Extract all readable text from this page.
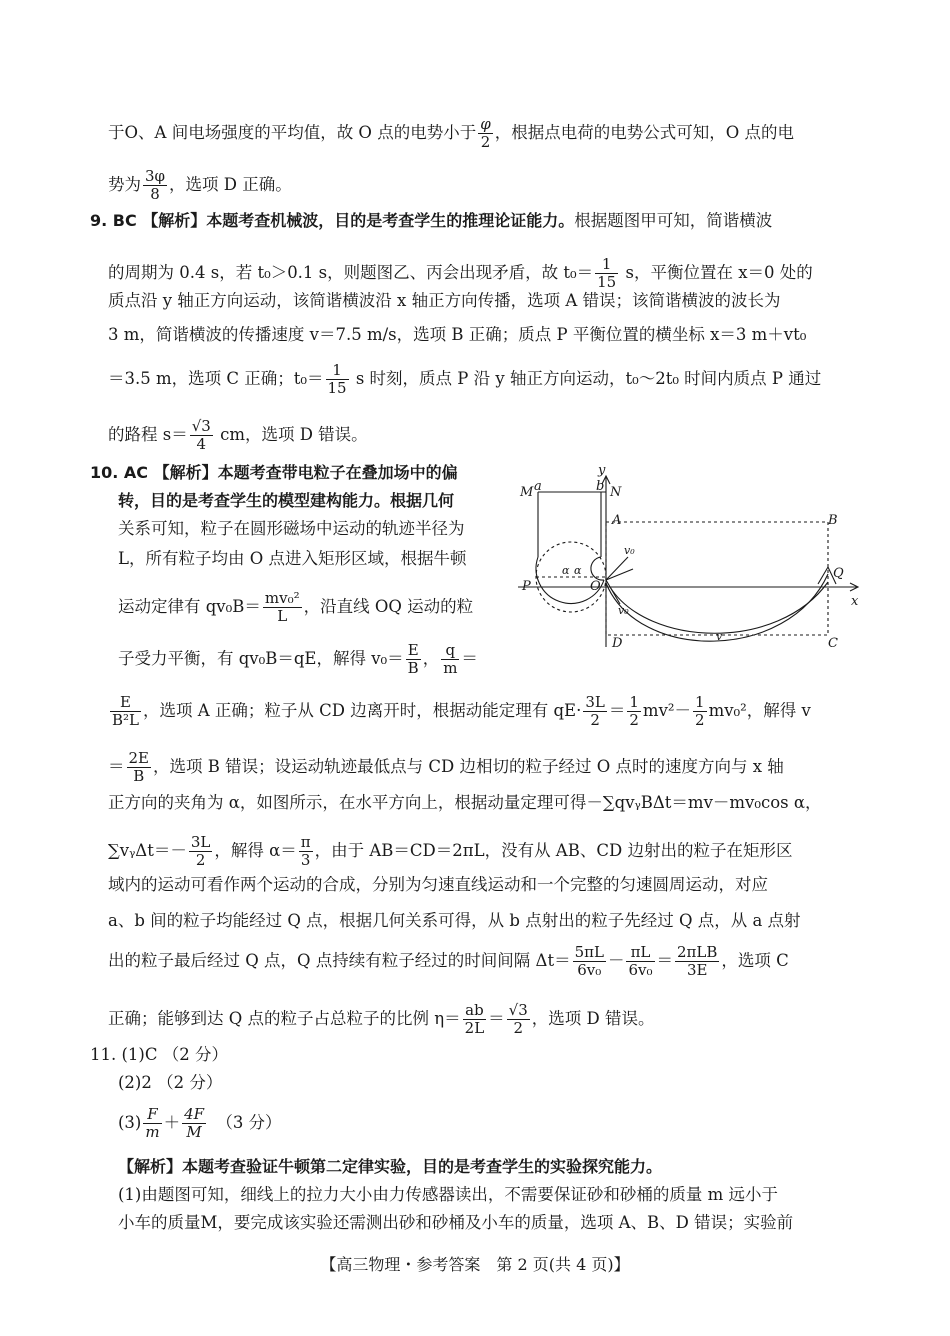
于O、A 间电场强度的平均值，故 O 点的电势小于 $\frac{\varphi}{2}$ ，根据点电荷的电势公式可知，O 点的电
势为 $\frac{3\varphi}{8}$ ，选项 D 正确。
9. BC 【解析】本题考查机械波，目的是考查学生的推理论证能力。根据题图甲可知，简谐横波
的周期为 0.4 s，若 t₀＞0.1 s，则题图乙、丙会出现矛盾，故 $t_0= \frac{1}{15}$ s，平衡位置在 x＝0 处的
质点沿 y 轴正方向运动，该简谐横波沿 x 轴正方向传播，选项 A 错误；该简谐横波的波长为
3 m，简谐横波的传播速度 v＝7.5 m/s，选项 B 正确；质点 P 平衡位置的横坐标 x＝3 m＋vt₀
＝3.5 m，选项 C 正确；$t_0= \frac{1}{15}$ s 时刻，质点 P 沿 y 轴正方向运动，t₀～2t₀ 时间内质点 P 通过
的路程 $s= \frac{√3}{4}$ cm，选项 D 错误。
10. AC 【解析】本题考查带电粒子在叠加场中的偏
转，目的是考查学生的模型建构能力。根据几何
关系可知，粒子在圆形磁场中运动的轨迹半径为
L，所有粒子均由 O 点进入矩形区域，根据牛顿
运动定律有 $qv_0B= \frac{\text{mv₀²}}{L}$ ，沿直线 OQ 运动的粒
子受力平衡，有 qv₀B＝qE，解得 $v_0= \frac{E}{B}$ ， $\frac{q}{m}$ ＝
$\frac{E}{\text{B²L}}$ ，选项 A 正确；粒子从 CD 边离开时，根据动能定理有 $qE\cdot \frac{3L}{2} = \frac{1}{2} mv^2- \frac{1}{2} mv_0^2$，解得 v
＝ $\frac{2E}{B}$ ，选项 B 错误；设运动轨迹最低点与 CD 边相切的粒子经过 O 点时的速度方向与 x 轴
正方向的夹角为 α，如图所示，在水平方向上，根据动量定理可得－∑qvᵧBΔt＝mv－mv₀cos α，
∑vᵧΔt＝－ $\frac{3L}{2}$ ，解得 $\alpha= \frac{\pi}{3}$ ，由于 AB＝CD＝2πL，没有从 AB、CD 边射出的粒子在矩形区
域内的运动可看作两个运动的合成，分别为匀速直线运动和一个完整的匀速圆周运动，对应
a、b 间的粒子均能经过 Q 点，根据几何关系可得，从 b 点射出的粒子先经过 Q 点，从 a 点射
出的粒子最后经过 Q 点，Q 点持续有粒子经过的时间间隔 $\Delta t= \frac{5\pi L}{\text{6v₀}} - \frac{\pi L}{\text{6v₀}} = \frac{\text{2πLB}}{3E}$ ，选项 C
正确；能够到达 Q 点的粒子占总粒子的比例 $\eta= \frac{ab}{2L} = \frac{√3}{2}$ ，选项 D 错误。
y
x
M a	b N
A	B
P	O
Q
D	C
v₀
v₀
v
α α
11. (1)C （2 分）
(2)2 （2 分）
$(3) \frac{F}{m} + \frac{4F}{M}$
　 （3 分）
【解析】本题考查验证牛顿第二定律实验，目的是考查学生的实验探究能力。
(1)由题图可知，细线上的拉力大小由力传感器读出，不需要保证砂和砂桶的质量 m 远小于
小车的质量M，要完成该实验还需测出砂和砂桶及小车的质量，选项 A、B、D 错误；实验前
【高三物理・参考答案　第 2 页(共 4 页)】
